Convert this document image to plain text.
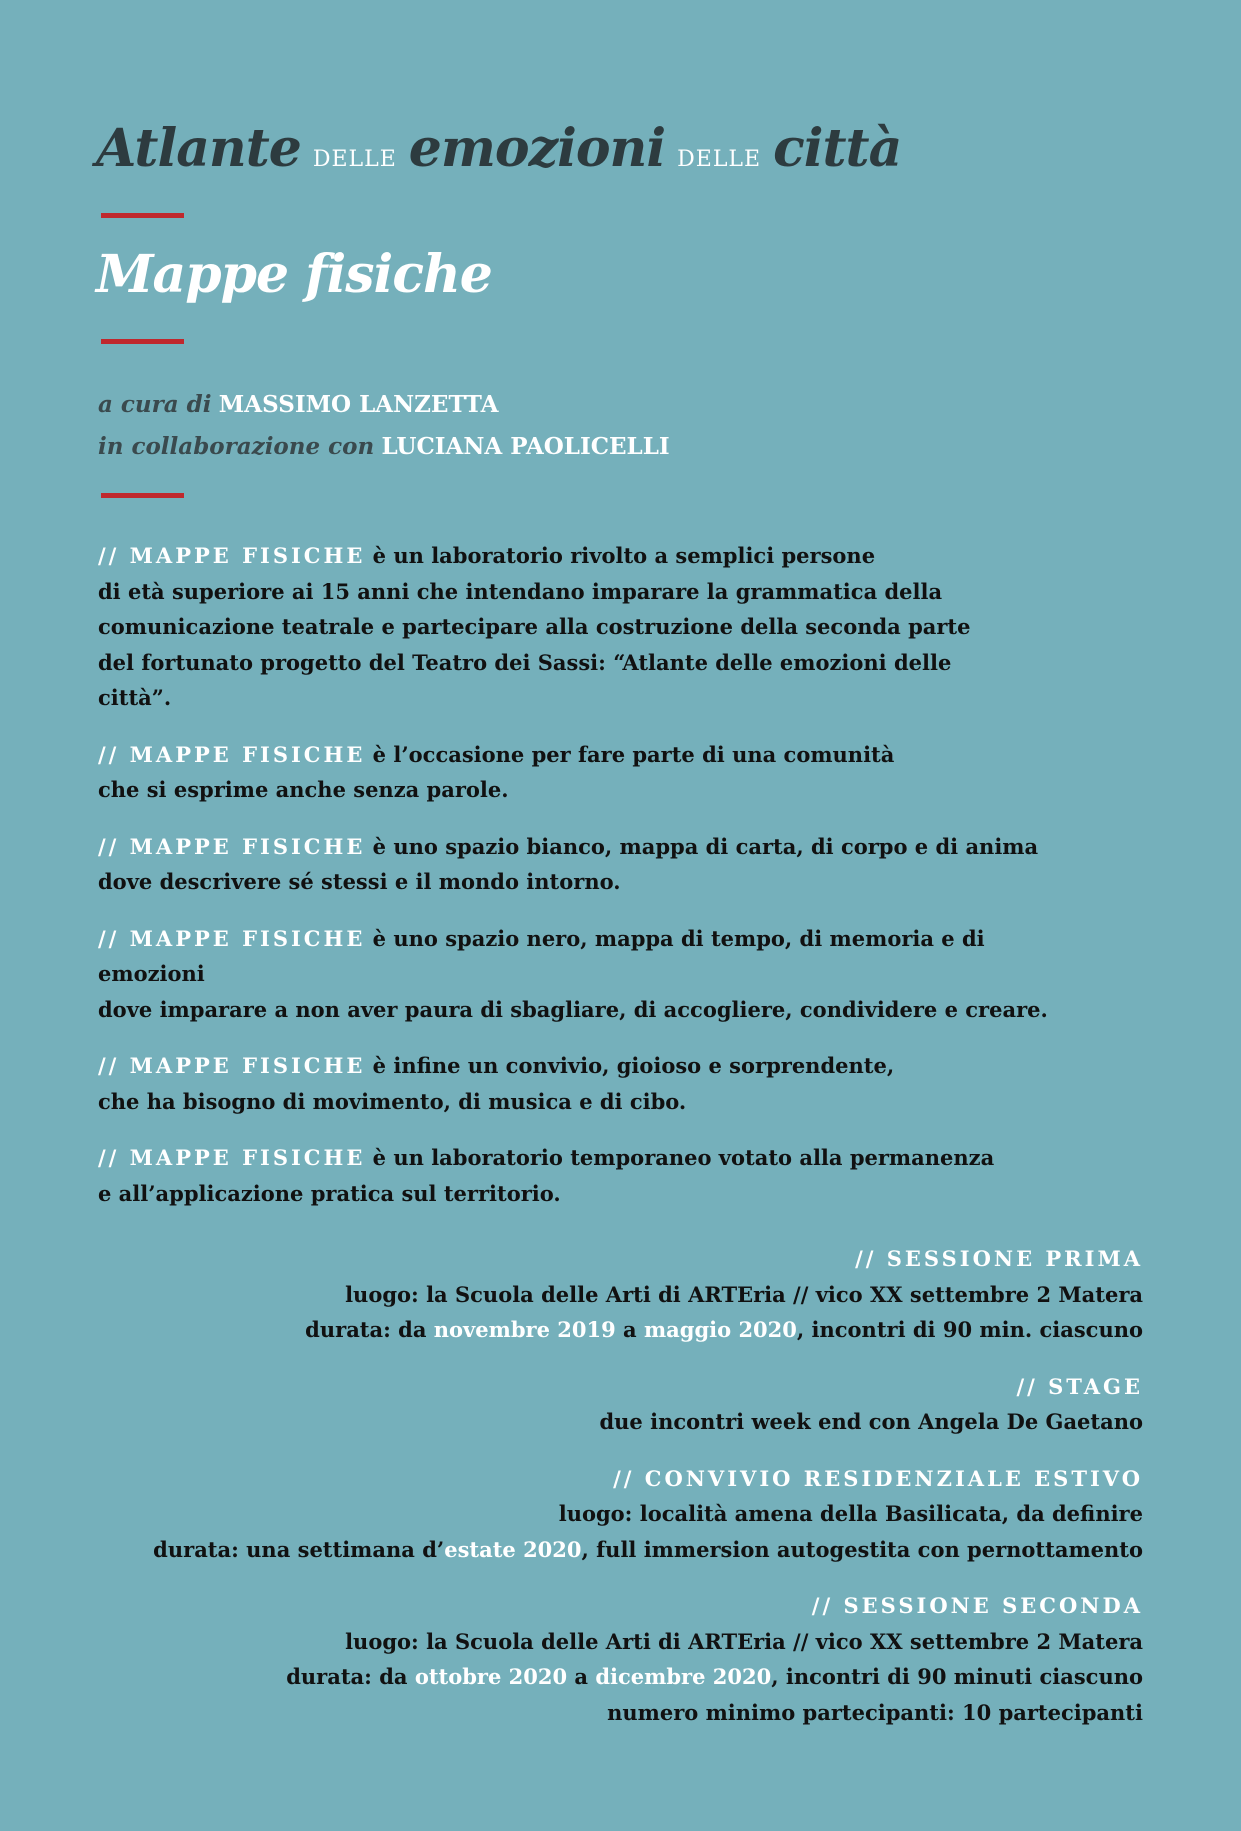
Atlante DELLE emozioni DELLE città
Mappe fisiche
a cura di MASSIMO LANZETTA
in collaborazione con LUCIANA PAOLICELLI

// MAPPE FISICHE è un laboratorio rivolto a semplici persone
di età superiore ai 15 anni che intendano imparare la grammatica della comunicazione teatrale e partecipare alla costruzione della seconda parte del fortunato progetto del Teatro dei Sassi: “Atlante delle emozioni delle città”.

// MAPPE FISICHE è l’occasione per fare parte di una comunità
che si esprime anche senza parole.

// MAPPE FISICHE è uno spazio bianco, mappa di carta, di corpo e di anima
dove descrivere sé stessi e il mondo intorno.

// MAPPE FISICHE è uno spazio nero, mappa di tempo, di memoria e di emozioni
dove imparare a non aver paura di sbagliare, di accogliere, condividere e creare.

// MAPPE FISICHE è infine un convivio, gioioso e sorprendente,
che ha bisogno di movimento, di musica e di cibo.

// MAPPE FISICHE è un laboratorio temporaneo votato alla permanenza
e all’applicazione pratica sul territorio.

// SESSIONE PRIMA
luogo: la Scuola delle Arti di ARTEria // vico XX settembre 2 Matera
durata: da novembre 2019 a maggio 2020, incontri di 90 min. ciascuno
// STAGE
due incontri week end con Angela De Gaetano
// CONVIVIO RESIDENZIALE ESTIVO
luogo: località amena della Basilicata, da definire
durata: una settimana d’estate 2020, full immersion autogestita con pernottamento
// SESSIONE SECONDA
luogo: la Scuola delle Arti di ARTEria // vico XX settembre 2 Matera
durata: da ottobre 2020 a dicembre 2020, incontri di 90 minuti ciascuno
numero minimo partecipanti: 10 partecipanti
